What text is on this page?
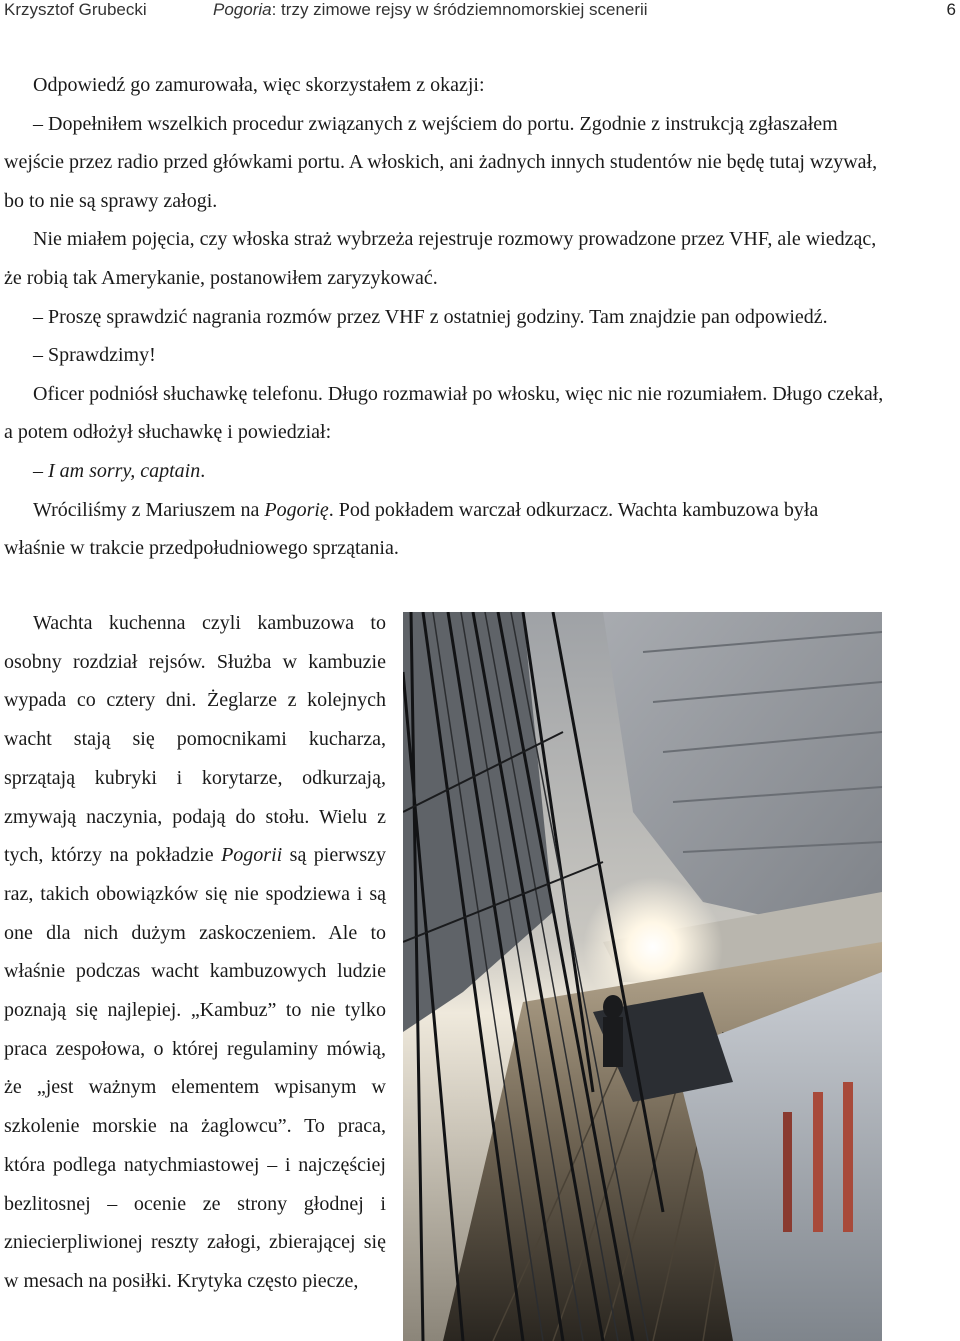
Krzysztof Grubecki	Pogoria: trzy zimowe rejsy w śródziemnomorskiej scenerii	6

Odpowiedź go zamurowała, więc skorzystałem z okazji:

– Dopełniłem wszelkich procedur związanych z wejściem do portu. Zgodnie z instrukcją zgłaszałem wejście przez radio przed główkami portu. A włoskich, ani żadnych innych studentów nie będę tutaj wzywał, bo to nie są sprawy załogi.

Nie miałem pojęcia, czy włoska straż wybrzeża rejestruje rozmowy prowadzone przez VHF, ale wiedząc, że robią tak Amerykanie, postanowiłem zaryzykować.

– Proszę sprawdzić nagrania rozmów przez VHF z ostatniej godziny. Tam znajdzie pan odpowiedź.

– Sprawdzimy!

Oficer podniósł słuchawkę telefonu. Długo rozmawiał po włosku, więc nic nie rozumiałem. Długo czekał, a potem odłożył słuchawkę i powiedział:

– I am sorry, captain.

Wróciliśmy z Mariuszem na Pogorię. Pod pokładem warczał odkurzacz. Wachta kambuzowa była właśnie w trakcie przedpołudniowego sprzątania.

Wachta kuchenna czyli kambuzowa to osobny rozdział rejsów. Służba w kambuzie wypada co cztery dni. Żeglarze z kolejnych wacht stają się pomocnikami kucharza, sprzątają kubryki i korytarze, odkurzają, zmywają naczynia, podają do stołu. Wielu z tych, którzy na pokładzie Pogorii są pierwszy raz, takich obowiązków się nie spodziewa i są one dla nich dużym zaskoczeniem. Ale to właśnie podczas wacht kambuzowych ludzie poznają się najlepiej. „Kambuz” to nie tylko praca zespołowa, o której regulaminy mówią, że „jest ważnym elementem wpisanym w szkolenie morskie na żaglowcu”. To praca, która podlega natychmiastowej – i najczęściej bezlitosnej – ocenie ze strony głodnej i zniecierpliwionej reszty załogi, zbierającej się w mesach na posiłki. Krytyka często piecze,
